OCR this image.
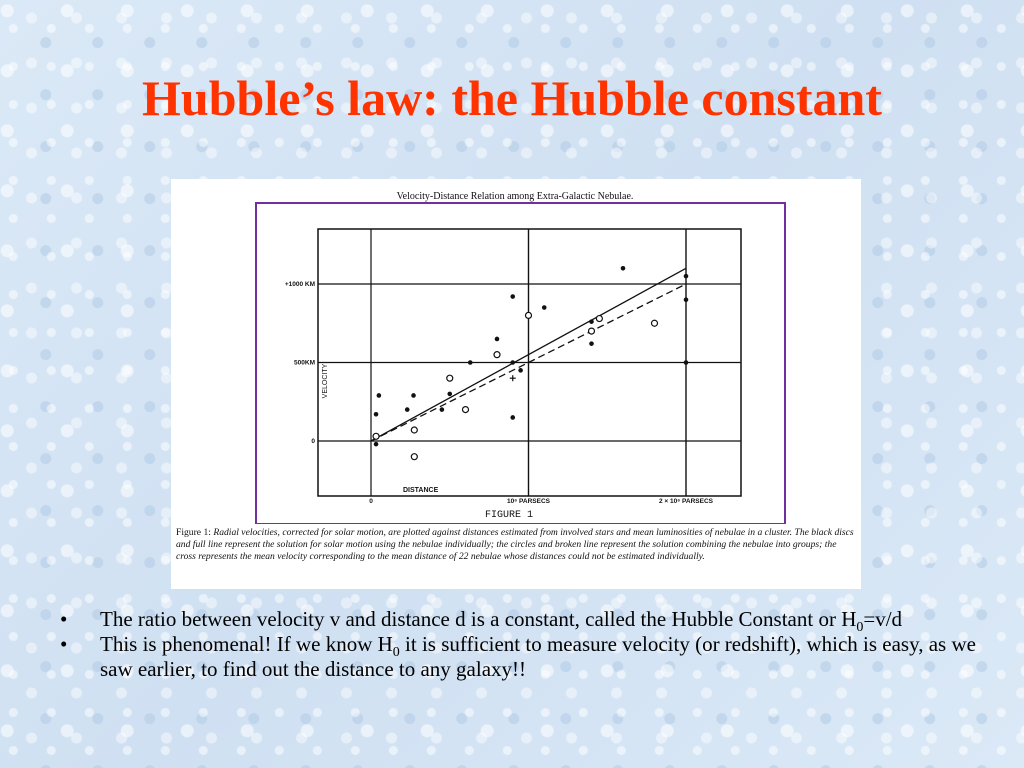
Hubble’s law: the Hubble constant
Velocity-Distance Relation among Extra-Galactic Nebulae.
0	10⁶ PARSECS	2 × 10⁶ PARSECS
0
500KM
+1000 KM
VELOCITY
DISTANCE
FIGURE 1
Figure 1: Radial velocities, corrected for solar motion, are plotted against distances estimated from involved stars and mean luminosities of nebulae in a cluster. The black discs and full line represent the solution for solar motion using the nebulae individually; the circles and broken line represent the solution combining the nebulae into groups; the cross represents the mean velocity corresponding to the mean distance of 22 nebulae whose distances could not be estimated individually.
• The ratio between velocity v and distance d is a constant, called the Hubble Constant or $H_0=v/d$
• This is phenomenal! If we know $H_0$ it is sufficient to measure velocity (or redshift), which is easy, as we saw earlier, to find out the distance to any galaxy!!
